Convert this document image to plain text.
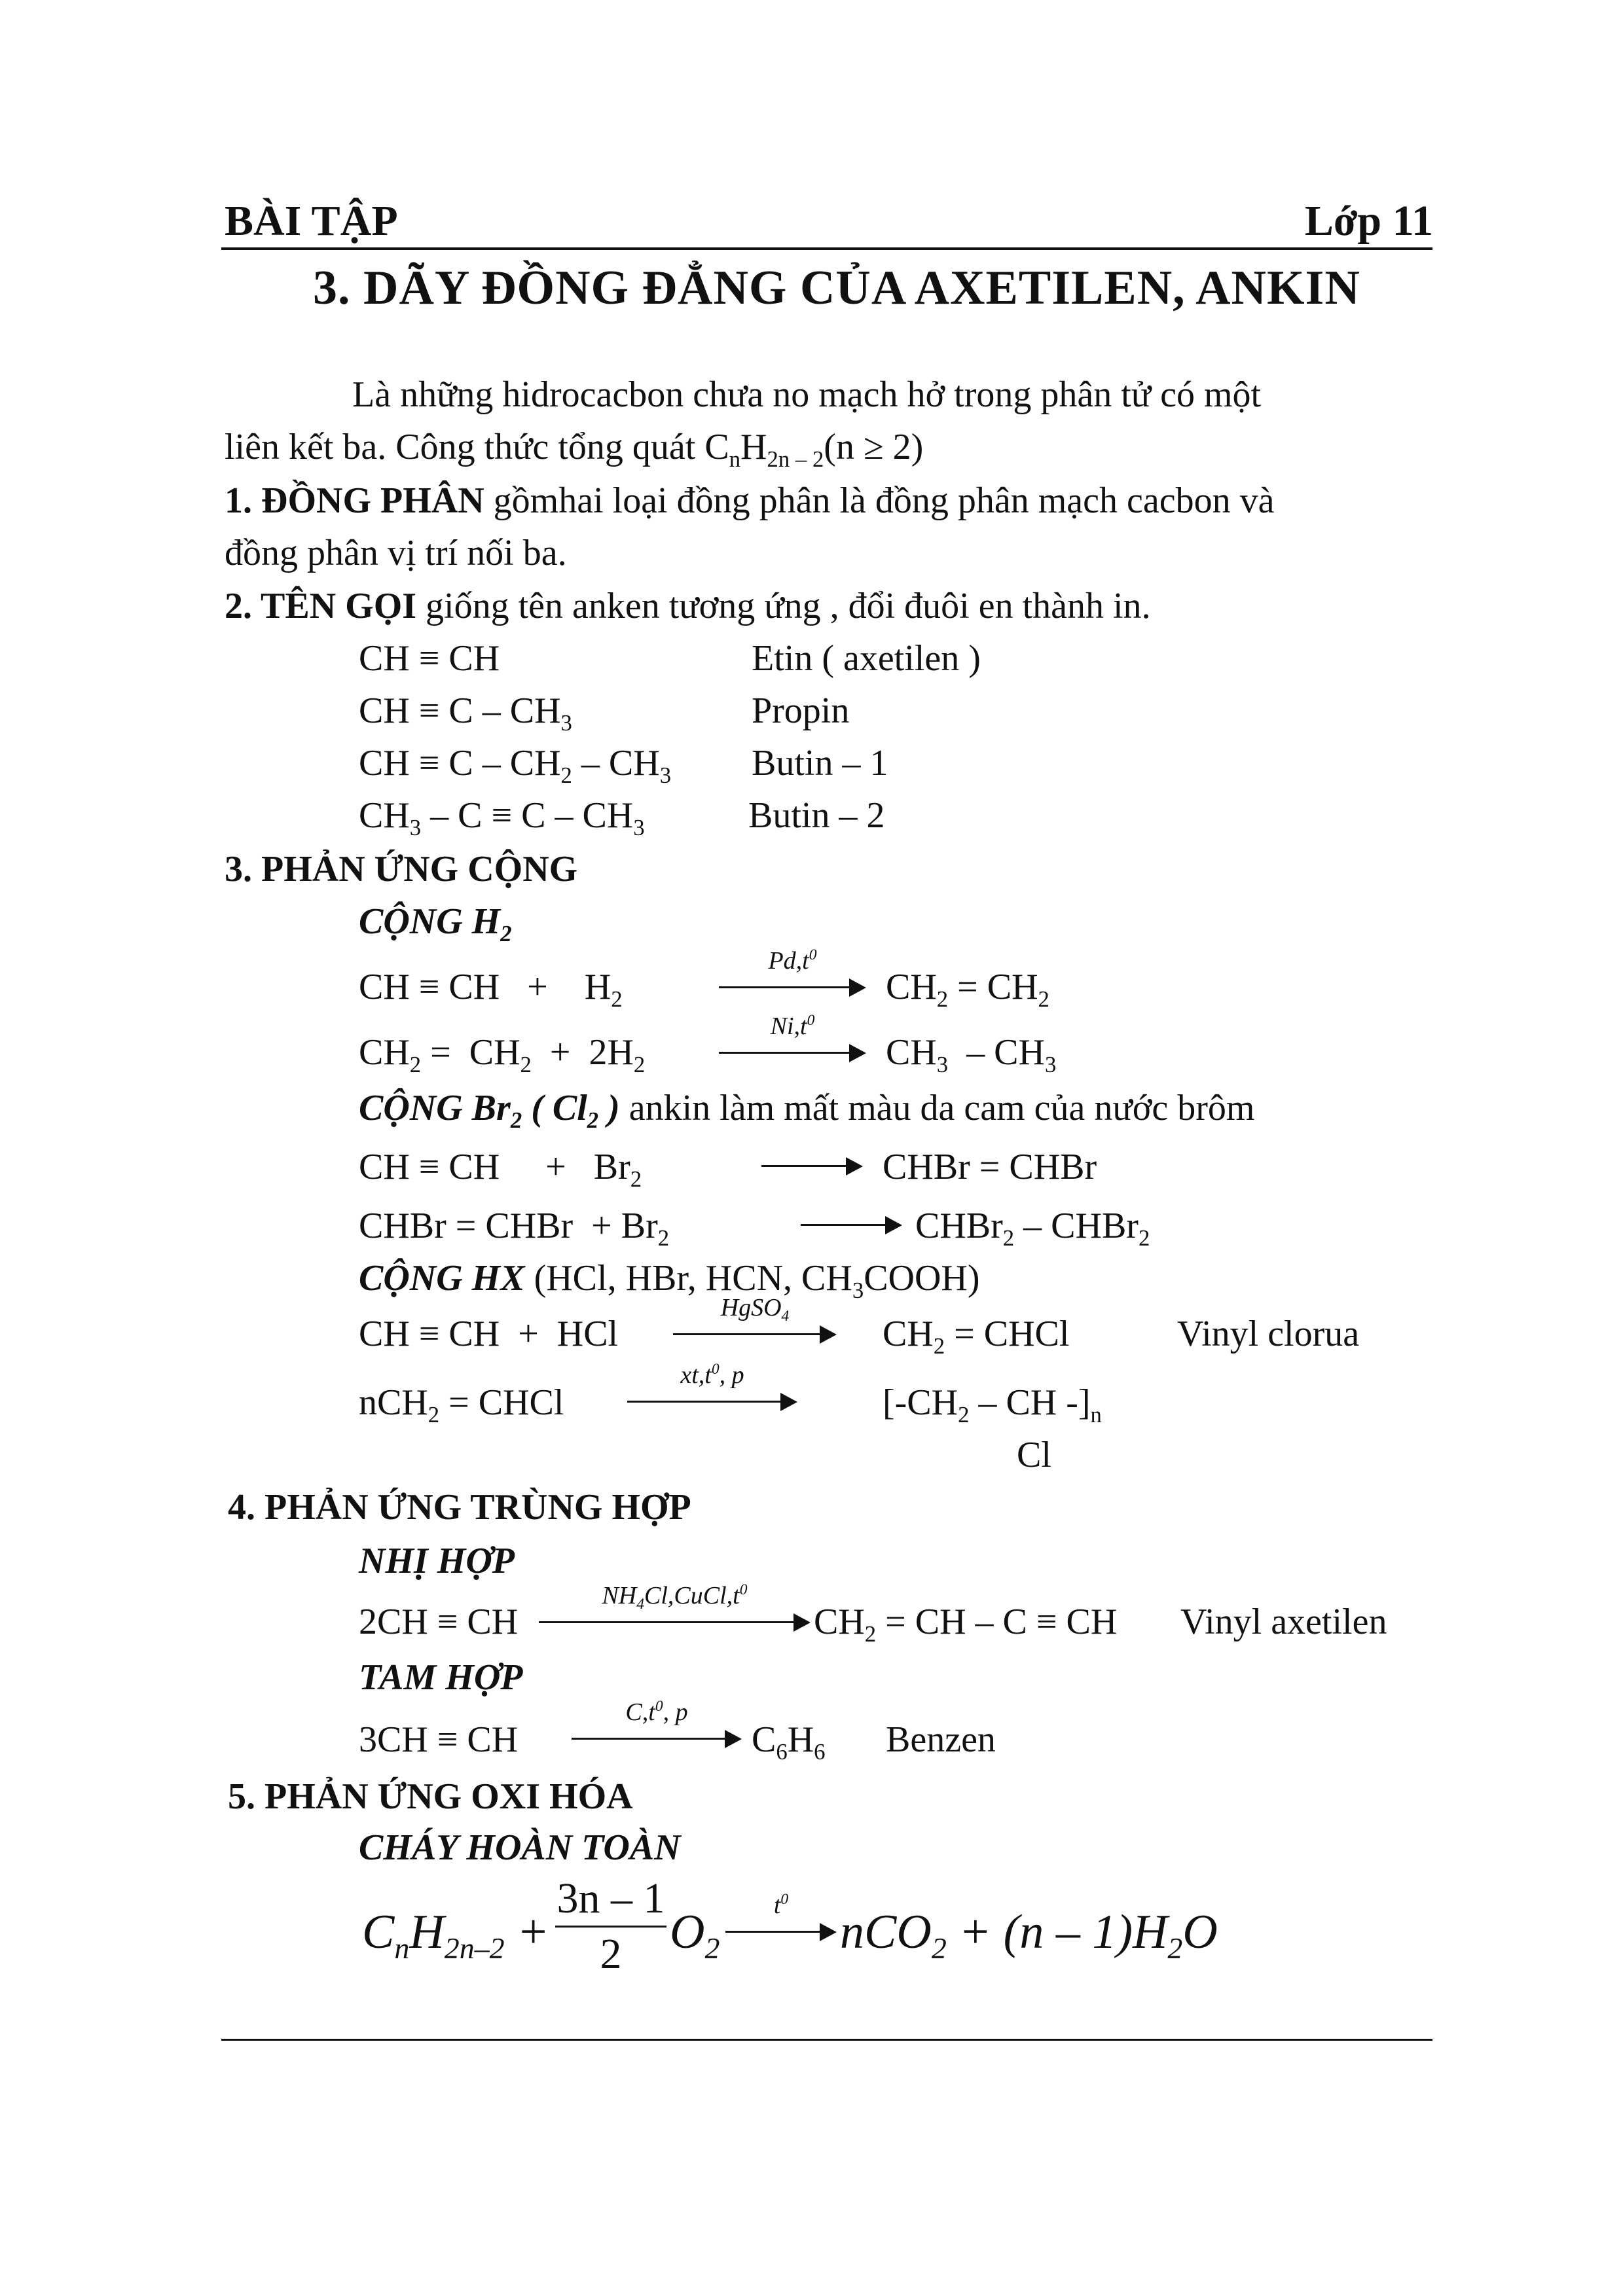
BÀI TẬP	Lớp 11
3. DÃY ĐỒNG ĐẲNG CỦA AXETILEN, ANKIN
Là những hidrocacbon chưa no mạch hở trong phân tử có một
liên kết ba. Công thức tổng quát $C_nH_{2n - 2}(n \ge 2)$
1. ĐỒNG PHÂN gồmhai loại đồng phân là đồng phân mạch cacbon và
đồng phân vị trí nối ba.
2. TÊN GỌI giống tên anken tương ứng , đổi đuôi en thành in.
CH ≡ CH	Etin ( axetilen )
CH ≡ C – $CH_3$	Propin
CH ≡ C – $CH_2 - CH_3$ Butin – 1
$CH_3 - C \equiv C - CH_3$	Butin – 2
3. PHẢN ỨNG CỘNG
CỘNG $H_2$
CH ≡ CH   +    $H_2$
$Pd,t^0$
$CH_2 = CH_2$
$CH_2 = CH_2 + 2H_2$
$Ni,t^0$
$CH_3 - CH_3$
CỘNG $Br_2$ ( $Cl_2$ ) ankin làm mất màu da cam của nước brôm
CH ≡ CH     +   $Br_2$	CHBr = CHBr
CHBr = CHBr  + $Br_2$	CHBr$_2$ – CHBr$_2$
CỘNG HX (HCl, HBr, HCN, $CH_3COOH$)
CH ≡ CH  +  HCl
HgSO$_4$	$CH_2$ = CHCl	Vinyl clorua
nCH$_2$ = CHCl
$xt,t^0$, p
[$-CH_2$ – CH $-]_n$
Cl
4. PHẢN ỨNG TRÙNG HỢP
NHỊ HỢP
2CH ≡ CH
$NH_4Cl,CuCl,t^0$
$CH_2$ = CH – C ≡ CH Vinyl axetilen
TAM HỢP
3CH ≡ CH
$C,t^0$, p
$C_6H_6$ Benzen
5. PHẢN ỨNG OXI HÓA
CHÁY HOÀN TOÀN
$C_nH_{2n-2}$ +
3n – 1
2 $O_2$
$t^0$
$nCO_2 + (n - 1)H_2O$
